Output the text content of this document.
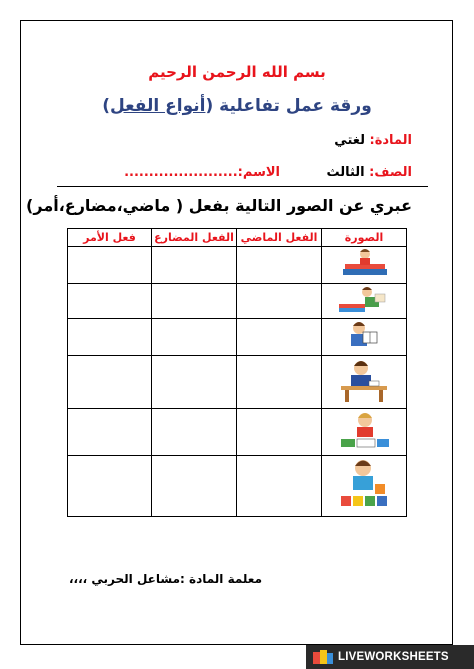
بسم الله الرحمن الرحيم
ورقة عمل تفاعلية (أنواع الفعل)
المادة: لغتي
الصف: الثالث
الاسم:.......................
عبري عن الصور التالية بفعل ( ماضي،مضارع،أمر)
الصورة	الفعل الماضي	الفعل المضارع	فعل الأمر

معلمة المادة :مشاعل الحربي ،،،،
LIVEWORKSHEETS
